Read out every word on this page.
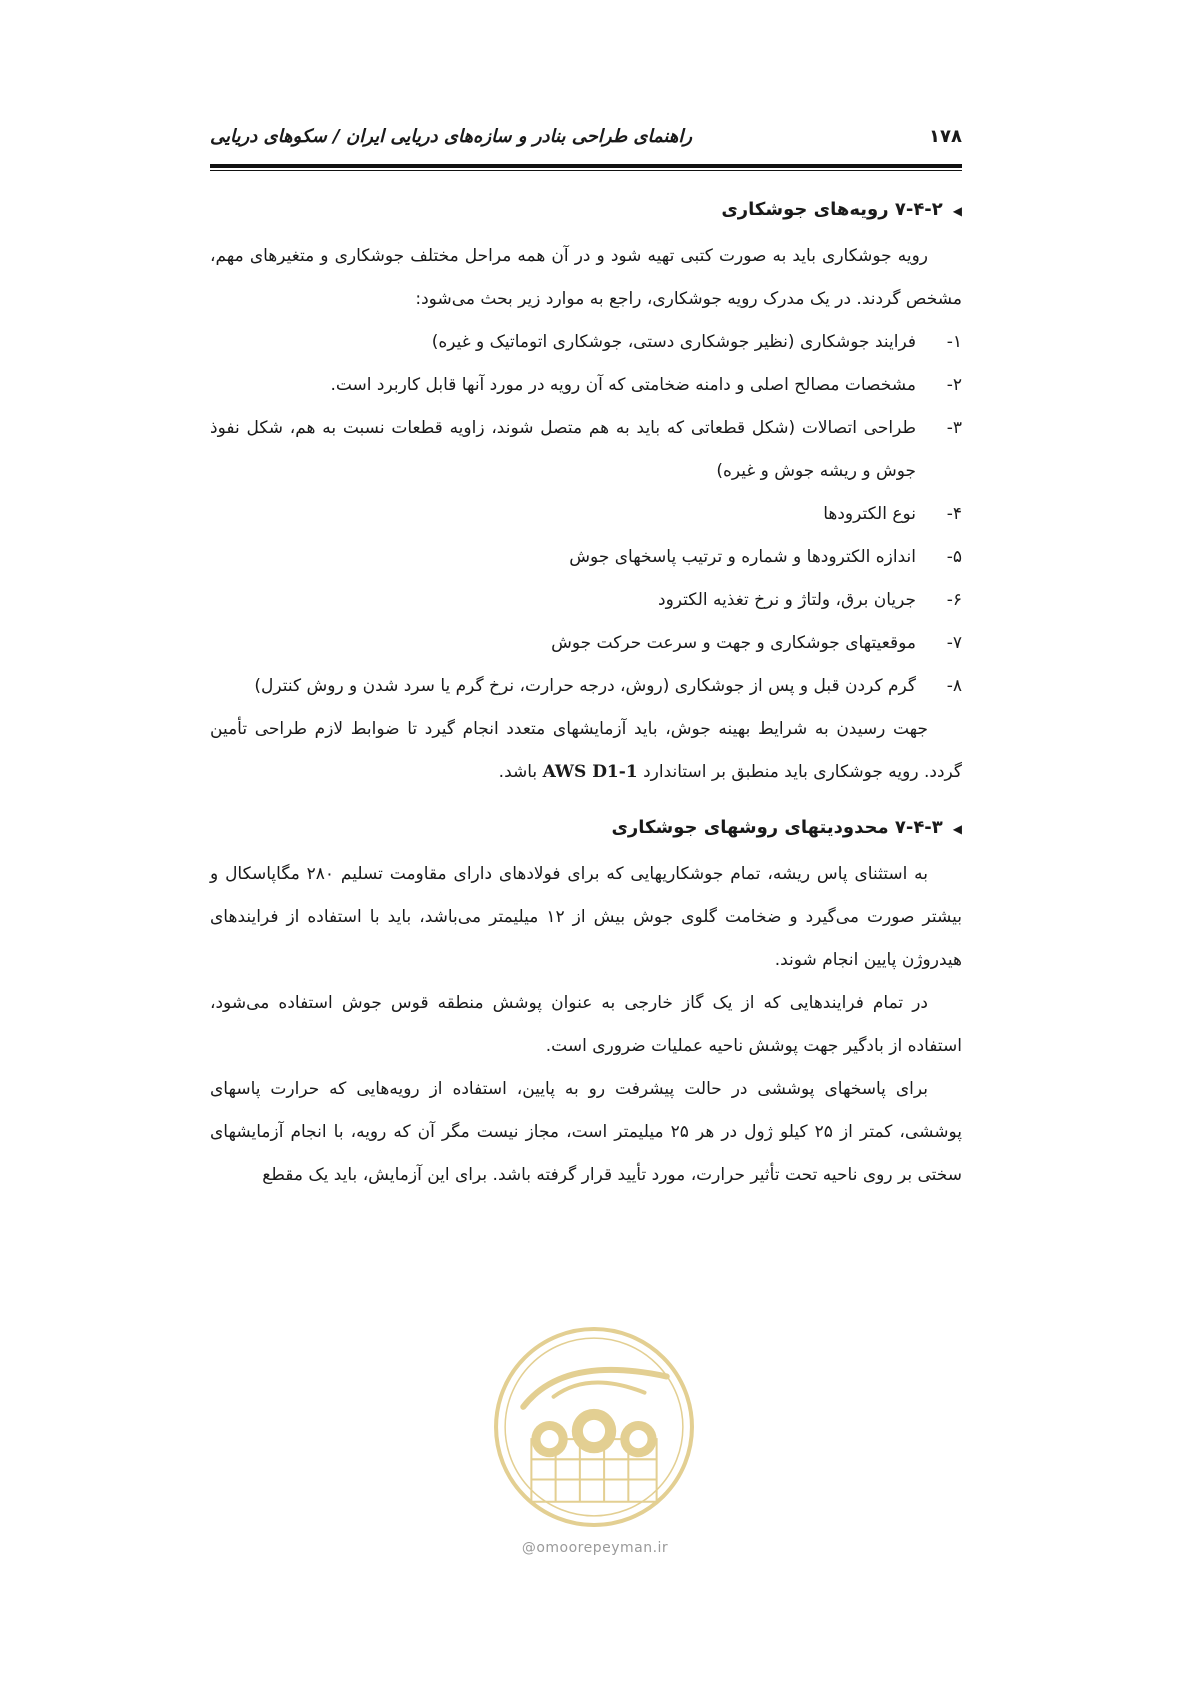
۱۷۸
راهنمای طراحی بنادر و سازه‌های دریایی ایران / سکوهای دریایی
◀۷-۴-۲ رویه‌های جوشکاری

رویه جوشکاری باید به صورت کتبی تهیه شود و در آن همه مراحل مختلف جوشکاری و متغیرهای مهم، مشخص گردند. در یک مدرک رویه جوشکاری، راجع به موارد زیر بحث می‌شود:

۱-
فرایند جوشکاری (نظیر جوشکاری دستی، جوشکاری اتوماتیک و غیره)
۲-
مشخصات مصالح اصلی و دامنه ضخامتی که آن رویه در مورد آنها قابل کاربرد است.
۳-
طراحی اتصالات (شکل قطعاتی که باید به هم متصل شوند، زاویه قطعات نسبت به هم، شکل نفوذ جوش و ریشه جوش و غیره)
۴-
نوع الکترودها
۵-
اندازه الکترودها و شماره و ترتیب پاسخهای جوش
۶-
جریان برق، ولتاژ و نرخ تغذیه الکترود
۷-
موقعیتهای جوشکاری و جهت و سرعت حرکت جوش
۸-
گرم کردن قبل و پس از جوشکاری (روش، درجه حرارت، نرخ گرم یا سرد شدن و روش کنترل)

جهت رسیدن به شرایط بهینه جوش، باید آزمایشهای متعدد انجام گیرد تا ضوابط لازم طراحی تأمین گردد. رویه جوشکاری باید منطبق بر استاندارد AWS D1-1 باشد.

◀۷-۴-۳ محدودیتهای روشهای جوشکاری

به استثنای پاس ریشه، تمام جوشکاریهایی که برای فولادهای دارای مقاومت تسلیم ۲۸۰ مگاپاسکال و بیشتر صورت می‌گیرد و ضخامت گلوی جوش بیش از ۱۲ میلیمتر می‌باشد، باید با استفاده از فرایندهای هیدروژن پایین انجام شوند.

در تمام فرایندهایی که از یک گاز خارجی به عنوان پوشش منطقه قوس جوش استفاده می‌شود، استفاده از بادگیر جهت پوشش ناحیه عملیات ضروری است.

برای پاسخهای پوششی در حالت پیشرفت رو به پایین، استفاده از رویه‌هایی که حرارت پاسهای پوششی، کمتر از ۲۵ کیلو ژول در هر ۲۵ میلیمتر است، مجاز نیست مگر آن که رویه، با انجام آزمایشهای سختی بر روی ناحیه تحت تأثیر حرارت، مورد تأیید قرار گرفته باشد. برای این آزمایش، باید یک مقطع

@omoorepeyman.ir
